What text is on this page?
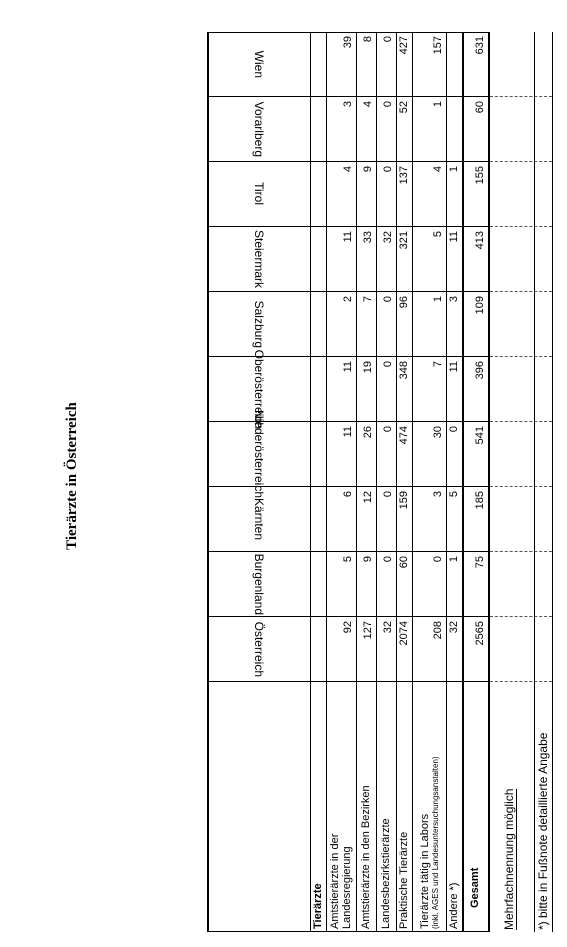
Tierärzte in Österreich
Österreich
Burgenland
Kärnten
Niederösterreich
Oberösterreich
Salzburg
Steiermark
Tirol
Vorarlberg
Wien
Tierärzte Amtstierärzte in der Landesregierung
92
5
6
11
11
2
11
4
3
39
Amtstierärzte in den Bezirken
127
9
12
26
19
7
33
9
4
8
Landesbezirkstierärzte
32
0
0
0
0
0
32
0
0
0
Praktische Tierärzte
2074
60
159
474
348
96
321
137
52
427
Tierärzte tätig in Labors (inkl. AGES und Landesuntersuchungsanstalten)
208
0
3
30
7
1
5
4
1
157
Andere *)
32
1
5
0
11
3
11
1
Gesamt
2565
75
185
541
396
109
413
155
60
631
Mehrfachnennung möglich *) bitte in Fußnote detaillierte Angabe
